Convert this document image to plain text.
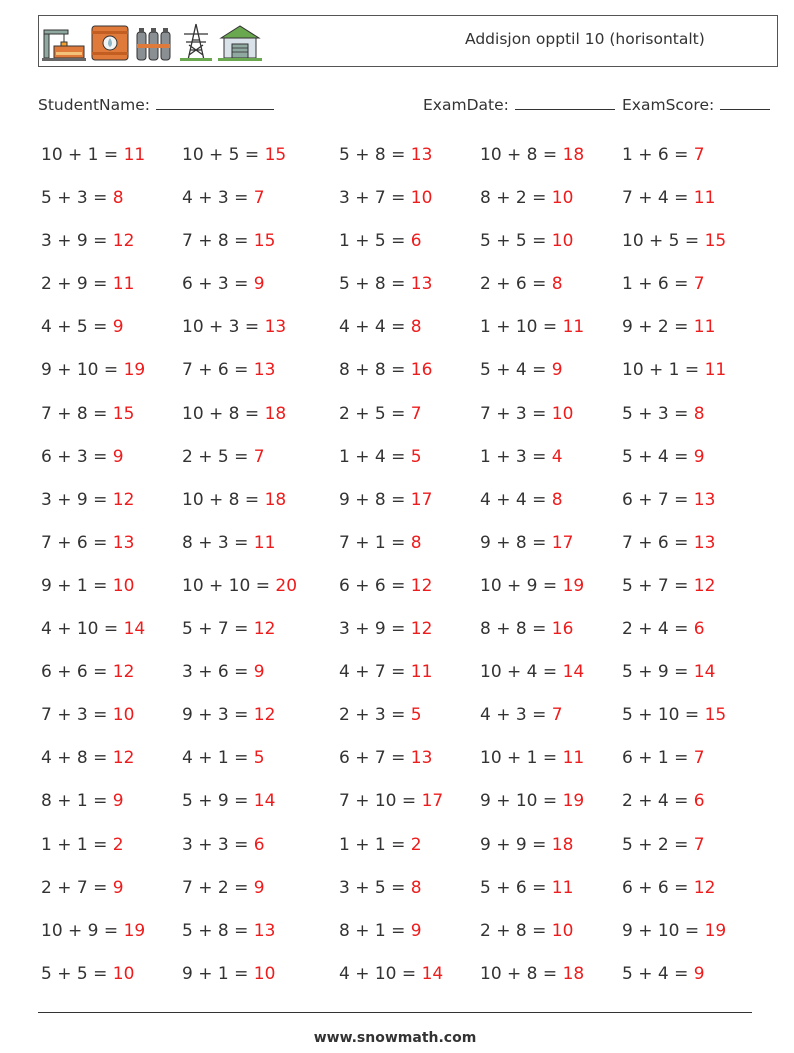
Addisjon opptil 10 (horisontalt)
StudentName:	ExamDate:	ExamScore:
10 + 1 = 11 10 + 5 = 15	5 + 8 = 13	10 + 8 = 18 1 + 6 = 7
5 + 3 = 8	4 + 3 = 7	3 + 7 = 10	8 + 2 = 10	7 + 4 = 11
3 + 9 = 12	7 + 8 = 15	1 + 5 = 6	5 + 5 = 10	10 + 5 = 15
2 + 9 = 11	6 + 3 = 9	5 + 8 = 13	2 + 6 = 8	1 + 6 = 7
4 + 5 = 9	10 + 3 = 13	4 + 4 = 8	1 + 10 = 11 9 + 2 = 11
9 + 10 = 19 7 + 6 = 13	8 + 8 = 16	5 + 4 = 9	10 + 1 = 11
7 + 8 = 15	10 + 8 = 18	2 + 5 = 7	7 + 3 = 10	5 + 3 = 8
6 + 3 = 9	2 + 5 = 7	1 + 4 = 5	1 + 3 = 4	5 + 4 = 9
3 + 9 = 12	10 + 8 = 18	9 + 8 = 17	4 + 4 = 8	6 + 7 = 13
7 + 6 = 13	8 + 3 = 11	7 + 1 = 8	9 + 8 = 17	7 + 6 = 13
9 + 1 = 10	10 + 10 = 20 6 + 6 = 12	10 + 9 = 19 5 + 7 = 12
4 + 10 = 14 5 + 7 = 12	3 + 9 = 12	8 + 8 = 16	2 + 4 = 6
6 + 6 = 12	3 + 6 = 9	4 + 7 = 11	10 + 4 = 14 5 + 9 = 14
7 + 3 = 10	9 + 3 = 12	2 + 3 = 5	4 + 3 = 7	5 + 10 = 15
4 + 8 = 12	4 + 1 = 5	6 + 7 = 13	10 + 1 = 11 6 + 1 = 7
8 + 1 = 9	5 + 9 = 14	7 + 10 = 17 9 + 10 = 19 2 + 4 = 6
1 + 1 = 2	3 + 3 = 6	1 + 1 = 2	9 + 9 = 18	5 + 2 = 7
2 + 7 = 9	7 + 2 = 9	3 + 5 = 8	5 + 6 = 11	6 + 6 = 12
10 + 9 = 19 5 + 8 = 13	8 + 1 = 9	2 + 8 = 10	9 + 10 = 19
5 + 5 = 10	9 + 1 = 10	4 + 10 = 14 10 + 8 = 18 5 + 4 = 9
www.snowmath.com
